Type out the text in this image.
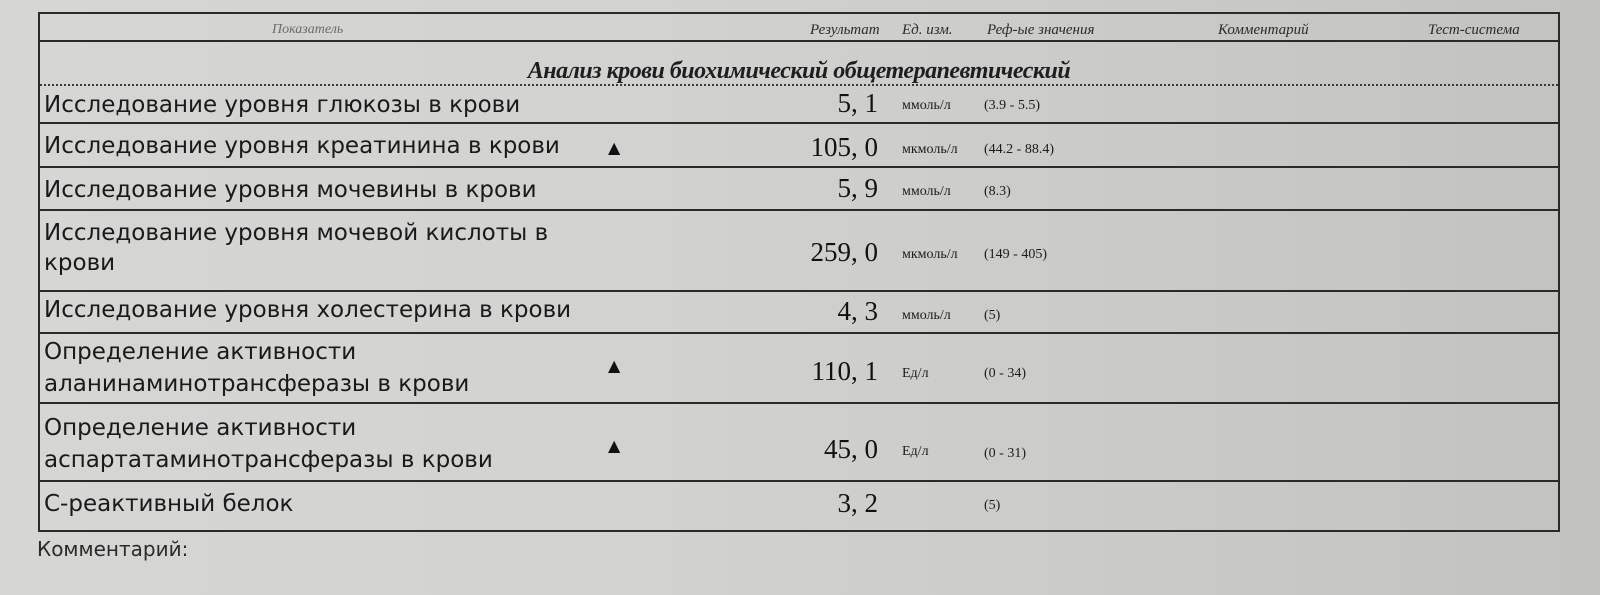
Показатель	Результат Ед. изм. Реф-ые значения	Комментарий	Тест-система
Анализ крови биохимический общетерапевтический
Исследование уровня глюкозы в крови	5, 1 ммоль/л (3.9 - 5.5)
Исследование уровня креатинина в крови	▲	105, 0 мкмоль/л (44.2 - 88.4)
Исследование уровня мочевины в крови	5, 9 ммоль/л (8.3)
Исследование уровня мочевой кислоты в
крови	259, 0 мкмоль/л (149 - 405)
Исследование уровня холестерина в крови	4, 3 ммоль/л (5)
Определение активности
аланинаминотрансферазы в крови
▲	110, 1 Ед/л	(0 - 34)
Определение активности
аспартатаминотрансферазы в крови
▲	45, 0 Ед/л	(0 - 31)
С-реактивный белок	3, 2	(5)
Комментарий:
